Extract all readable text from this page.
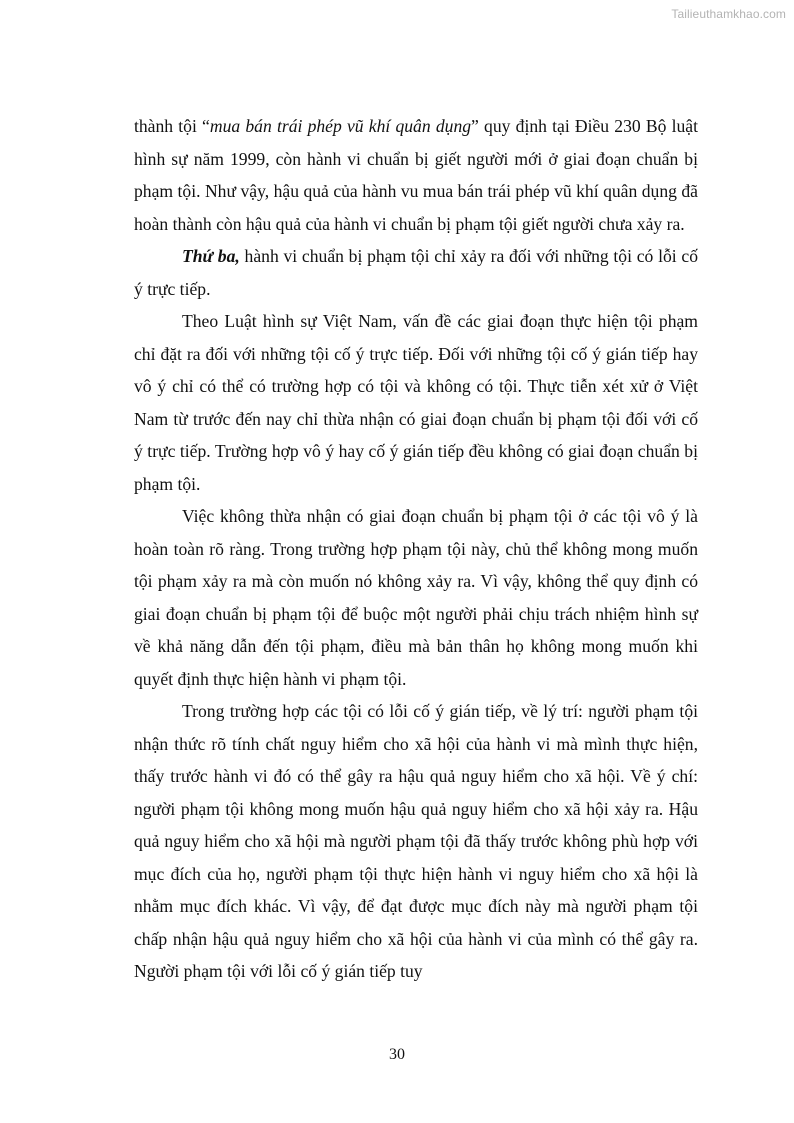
Tailieuthamkhao.com

thành tội “mua bán trái phép vũ khí quân dụng” quy định tại Điều 230 Bộ luật hình sự năm 1999, còn hành vi chuẩn bị giết người mới ở giai đoạn chuẩn bị phạm tội. Như vậy, hậu quả của hành vu mua bán trái phép vũ khí quân dụng đã hoàn thành còn hậu quả của hành vi chuẩn bị phạm tội giết người chưa xảy ra.

Thứ ba, hành vi chuẩn bị phạm tội chỉ xảy ra đối với những tội có lỗi cố ý trực tiếp.

Theo Luật hình sự Việt Nam, vấn đề các giai đoạn thực hiện tội phạm chỉ đặt ra đối với những tội cố ý trực tiếp. Đối với những tội cố ý gián tiếp hay vô ý chỉ có thể có trường hợp có tội và không có tội. Thực tiễn xét xử ở Việt Nam từ trước đến nay chỉ thừa nhận có giai đoạn chuẩn bị phạm tội đối với cố ý trực tiếp. Trường hợp vô ý hay cố ý gián tiếp đều không có giai đoạn chuẩn bị phạm tội.

Việc không thừa nhận có giai đoạn chuẩn bị phạm tội ở các tội vô ý là hoàn toàn rõ ràng. Trong trường hợp phạm tội này, chủ thể không mong muốn tội phạm xảy ra mà còn muốn nó không xảy ra. Vì vậy, không thể quy định có giai đoạn chuẩn bị phạm tội để buộc một người phải chịu trách nhiệm hình sự về khả năng dẫn đến tội phạm, điều mà bản thân họ không mong muốn khi quyết định thực hiện hành vi phạm tội.

Trong trường hợp các tội có lỗi cố ý gián tiếp, về lý trí: người phạm tội nhận thức rõ tính chất nguy hiểm cho xã hội của hành vi mà mình thực hiện, thấy trước hành vi đó có thể gây ra hậu quả nguy hiểm cho xã hội. Về ý chí: người phạm tội không mong muốn hậu quả nguy hiểm cho xã hội xảy ra. Hậu quả nguy hiểm cho xã hội mà người phạm tội đã thấy trước không phù hợp với mục đích của họ, người phạm tội thực hiện hành vi nguy hiểm cho xã hội là nhằm mục đích khác. Vì vậy, để đạt được mục đích này mà người phạm tội chấp nhận hậu quả nguy hiểm cho xã hội của hành vi của mình có thể gây ra. Người phạm tội với lỗi cố ý gián tiếp tuy

30
